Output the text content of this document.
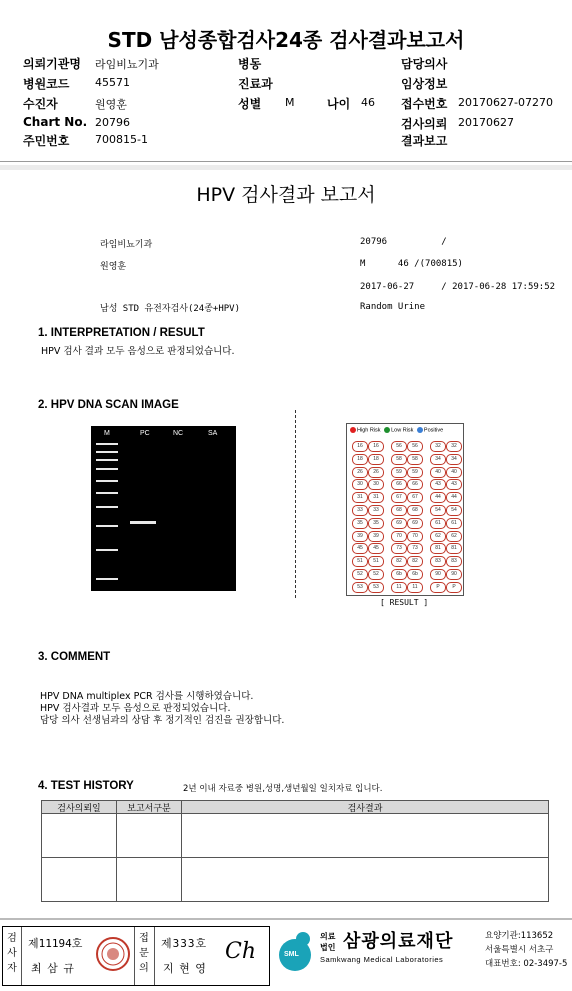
STD 남성종합검사24종 검사결과보고서
의뢰기관명 라임비뇨기과	병동	담당의사
병원코드 45571	진료과	임상정보
수진자	원영훈	성별 M	나이 46 접수번호 20170627-07270
Chart No. 20796	검사의뢰 20170627
주민번호 700815-1	결과보고
HPV 검사결과 보고서
라임비뇨기과	20796          /
원영훈	M      46 /(700815)
2017-06-27     / 2017-06-28 17:59:52
남성 STD 유전자검사(24종+HPV)	Random Urine
1. INTERPRETATION / RESULT
HPV 검사 결과 모두 음성으로 판정되었습니다.
2. HPV DNA SCAN IMAGE
M	PC	NC	SA	High Risk Low Risk Positive
16	16	56	56	32	32
18	18	58	58	34	34
26	26	59	59	40	40
30	30	66	66	43	43
31	31	67	67	44	44
33	33	68	68	54	54
35	35	69	69	61	61
39	39	70	70	62	62
45	45	73	73	81	81
51	51	82	82	83	83
52	52	6b	6b	90	90
53	53	11	11	P	P
[ RESULT ]
3. COMMENT
HPV DNA multiplex PCR 검사를 시행하였습니다.
HPV 검사결과 모두 음성으로 판정되었습니다.
담당 의사 선생님과의 상담 후 정기적인 검진을 권장합니다.
4. TEST HISTORY	2년 이내 자료중 병원,성명,생년월일 일치자료 입니다.
검사의뢰일	보고서구분	검사결과
검사자
제11194호
최 삼 규
접문의
제333호
지 현 영
Ch	SML
의료
법인 삼광의료재단
Samkwang Medical Laboratories
요양기관:113652
서울특별시 서초구
대표번호: 02-3497-5
